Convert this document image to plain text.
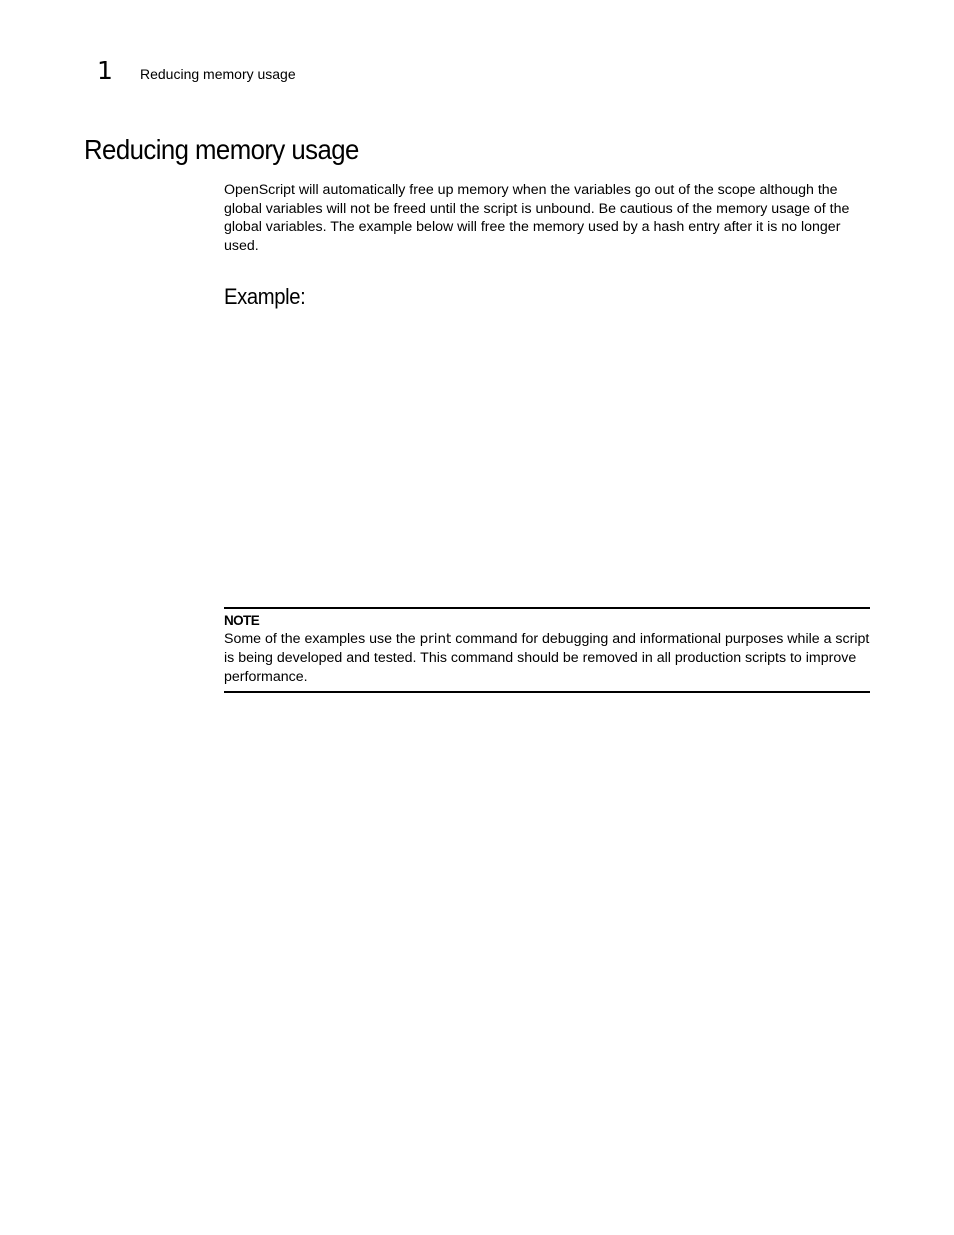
1 Reducing memory usage
Reducing memory usage

OpenScript will automatically free up memory when the variables go out of the scope although the global variables will not be freed until the script is unbound. Be cautious of the memory usage of the global variables. The example below will free the memory used by a hash entry after it is no longer used.

Example:
NOTE

Some of the examples use the print command for debugging and informational purposes while a script is being developed and tested. This command should be removed in all production scripts to improve performance.
